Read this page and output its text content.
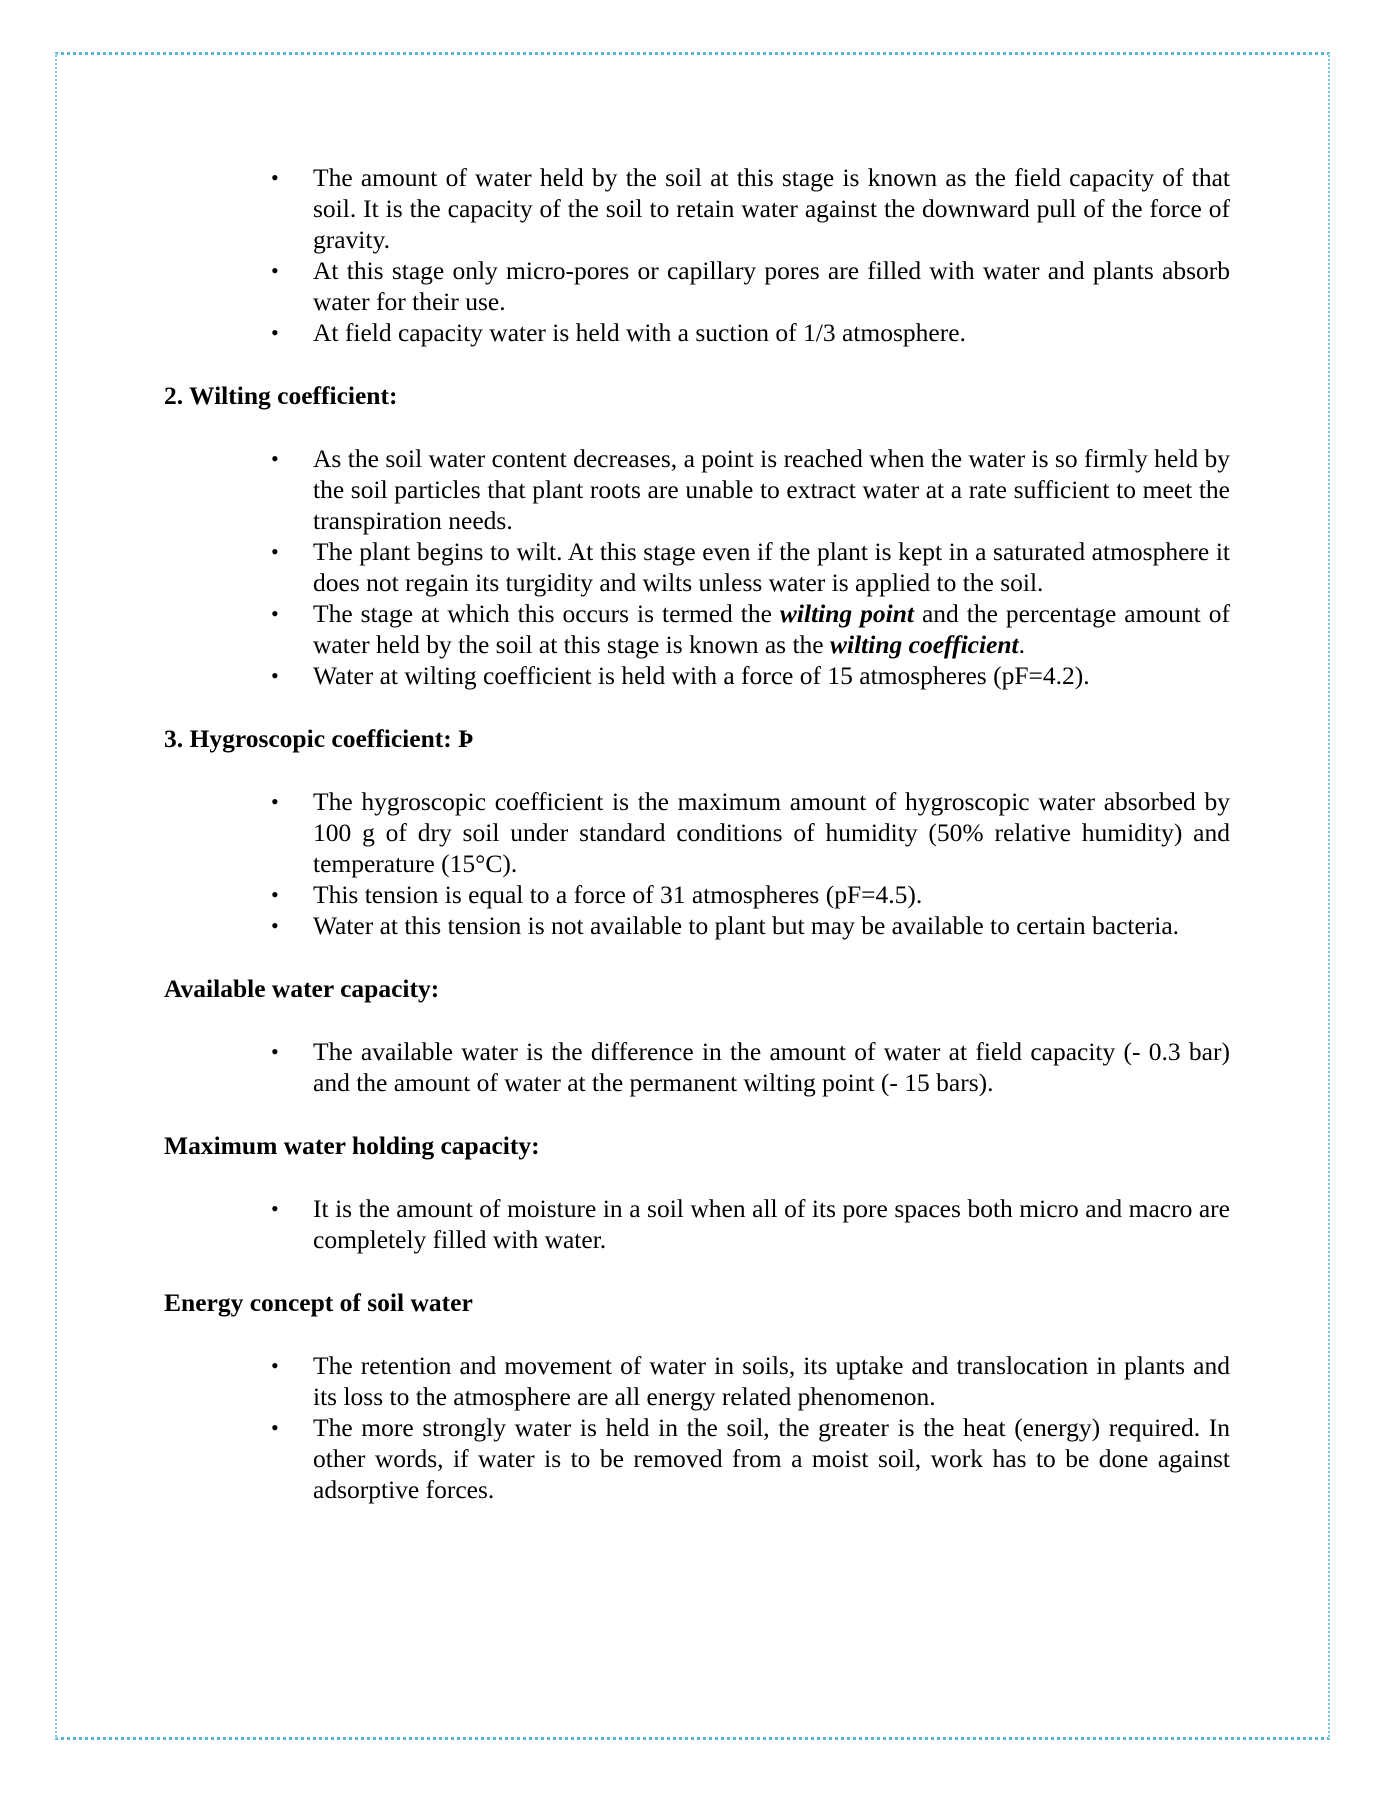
• The amount of water held by the soil at this stage is known as the field capacity of that soil. It is the capacity of the soil to retain water against the downward pull of the force of gravity.
• At this stage only micro-pores or capillary pores are filled with water and plants absorb water for their use.
• At field capacity water is held with a suction of 1/3 atmosphere.

2. Wilting coefficient:

• As the soil water content decreases, a point is reached when the water is so firmly held by the soil particles that plant roots are unable to extract water at a rate sufficient to meet the transpiration needs.
• The plant begins to wilt. At this stage even if the plant is kept in a saturated atmosphere it does not regain its turgidity and wilts unless water is applied to the soil.
• The stage at which this occurs is termed the wilting point and the percentage amount of water held by the soil at this stage is known as the wilting coefficient.
• Water at wilting coefficient is held with a force of 15 atmospheres (pF=4.2).

3. Hygroscopic coefficient: Þ

• The hygroscopic coefficient is the maximum amount of hygroscopic water absorbed by 100 g of dry soil under standard conditions of humidity (50% relative humidity) and temperature (15°C).
• This tension is equal to a force of 31 atmospheres (pF=4.5).
• Water at this tension is not available to plant but may be available to certain bacteria.

Available water capacity:

• The available water is the difference in the amount of water at field capacity (- 0.3 bar) and the amount of water at the permanent wilting point (- 15 bars).

Maximum water holding capacity:

• It is the amount of moisture in a soil when all of its pore spaces both micro and macro are completely filled with water.

Energy concept of soil water

• The retention and movement of water in soils, its uptake and translocation in plants and its loss to the atmosphere are all energy related phenomenon.
• The more strongly water is held in the soil, the greater is the heat (energy) required. In other words, if water is to be removed from a moist soil, work has to be done against adsorptive forces.
